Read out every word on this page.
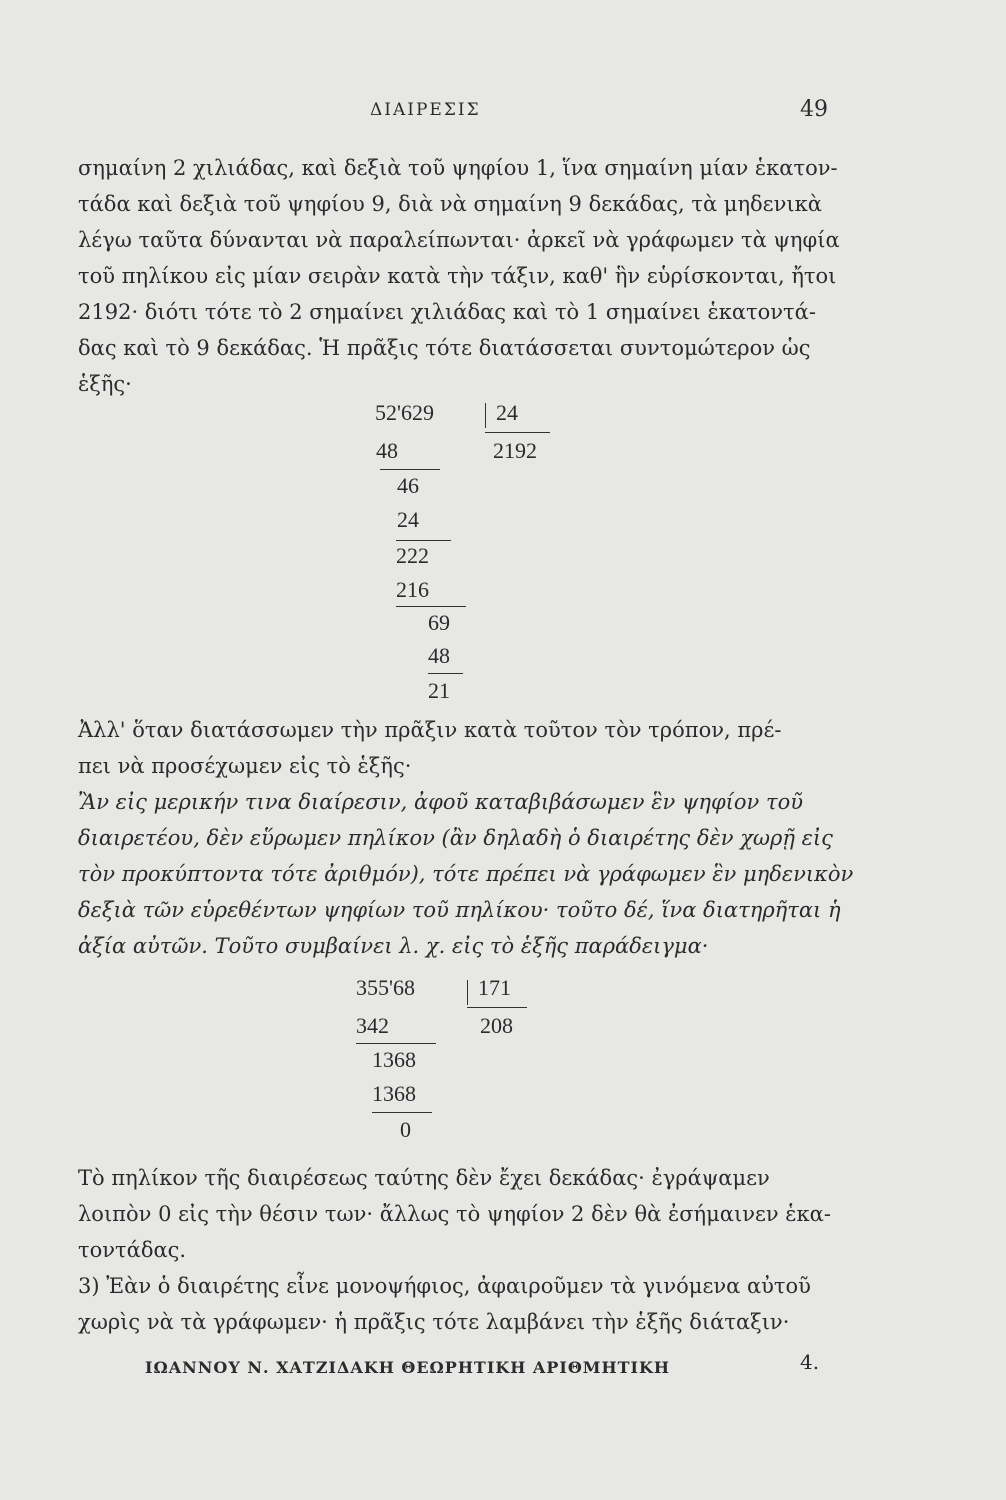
ΔΙΑΙΡΕΣΙΣ	49
σημαίνη 2 χιλιάδας, καὶ δεξιὰ τοῦ ψηφίου 1, ἵνα σημαίνη μίαν ἑκατον-
τάδα καὶ δεξιὰ τοῦ ψηφίου 9, διὰ νὰ σημαίνη 9 δεκάδας, τὰ μηδενικὰ
λέγω ταῦτα δύνανται νὰ παραλείπωνται· ἀρκεῖ νὰ γράφωμεν τὰ ψηφία
τοῦ πηλίκου εἰς μίαν σειρὰν κατὰ τὴν τάξιν, καθ' ἣν εὑρίσκονται, ἤτοι
2192· διότι τότε τὸ 2 σημαίνει χιλιάδας καὶ τὸ 1 σημαίνει ἑκατοντά-
δας καὶ τὸ 9 δεκάδας. Ἡ πρᾶξις τότε διατάσσεται συντομώτερον ὡς
ἑξῆς·
52'629	24
2192
48
46
24
222
216
69
48
21
Ἀλλ' ὅταν διατάσσωμεν τὴν πρᾶξιν κατὰ τοῦτον τὸν τρόπον, πρέ-
πει νὰ προσέχωμεν εἰς τὸ ἑξῆς·
Ἂν εἰς μερικήν τινα διαίρεσιν, ἀφοῦ καταβιβάσωμεν ἓν ψηφίον τοῦ
διαιρετέου, δὲν εὕρωμεν πηλίκον (ἂν δηλαδὴ ὁ διαιρέτης δὲν χωρῇ εἰς
τὸν προκύπτοντα τότε ἀριθμόν), τότε πρέπει νὰ γράφωμεν ἓν μηδενικὸν
δεξιὰ τῶν εὑρεθέντων ψηφίων τοῦ πηλίκου· τοῦτο δέ, ἵνα διατηρῆται ἡ
ἀξία αὐτῶν. Τοῦτο συμβαίνει λ. χ. εἰς τὸ ἑξῆς παράδειγμα·
355'68	171
208
342
1368
1368
0
Τὸ πηλίκον τῆς διαιρέσεως ταύτης δὲν ἔχει δεκάδας· ἐγράψαμεν
λοιπὸν 0 εἰς τὴν θέσιν των· ἄλλως τὸ ψηφίον 2 δὲν θὰ ἐσήμαινεν ἑκα-
τοντάδας.
3) Ἐὰν ὁ διαιρέτης εἶνε μονοψήφιος, ἀφαιροῦμεν τὰ γινόμενα αὐτοῦ
χωρὶς νὰ τὰ γράφωμεν· ἡ πρᾶξις τότε λαμβάνει τὴν ἑξῆς διάταξιν·
ΙΩΑΝΝΟΥ Ν. ΧΑΤΖΙΔΑΚΗ ΘΕΩΡΗΤΙΚΗ ΑΡΙΘΜΗΤΙΚΗ	4.
